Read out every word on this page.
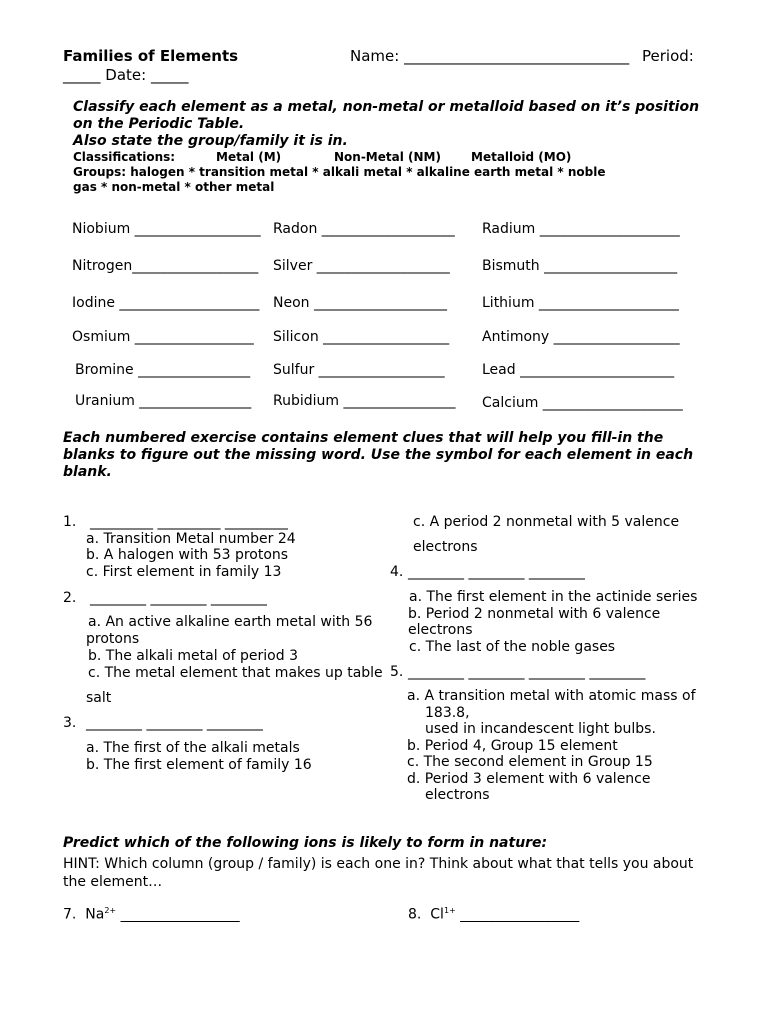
Families of Elements	Name: ______________________________ Period:
_____ Date: _____
Classify each element as a metal, non-metal or metalloid based on it’s position
on the Periodic Table.
Also state the group/family it is in.
Classifications:	Metal (M)	Non-Metal (NM)	Metalloid (MO)
Groups: halogen * transition metal * alkali metal * alkaline earth metal * noble
gas * non-metal * other metal
Niobium __________________ Radon ___________________ Radium ____________________
Nitrogen__________________ Silver ___________________ Bismuth ___________________
Iodine ____________________ Neon ___________________	Lithium ____________________
Osmium _________________ Silicon __________________ Antimony __________________
Bromine ________________ Sulfur __________________	Lead ______________________
Uranium ________________ Rubidium ________________ Calcium ____________________
Each numbered exercise contains element clues that will help you fill-in the
blanks to figure out the missing word. Use the symbol for each element in each
blank.
1. _________ _________ _________
a. Transition Metal number 24
b. A halogen with 53 protons
c. First element in family 13
2. ________ ________ ________
a. An active alkaline earth metal with 56
protons
b. The alkali metal of period 3
c. The metal element that makes up table
salt
3. ________ ________ ________
a. The first of the alkali metals
b. The first element of family 16
c. A period 2 nonmetal with 5 valence
electrons
4. ________ ________ ________
a. The first element in the actinide series
b. Period 2 nonmetal with 6 valence
electrons
c. The last of the noble gases
5. ________ ________ ________ ________
a. A transition metal with atomic mass of
183.8,
used in incandescent light bulbs.
b. Period 4, Group 15 element
c. The second element in Group 15
d. Period 3 element with 6 valence
electrons
Predict which of the following ions is likely to form in nature:
HINT: Which column (group / family) is each one in? Think about what that tells you about
the element…
7. $Na^{2+}$ _________________	8. $Cl^{1+}$ _________________
